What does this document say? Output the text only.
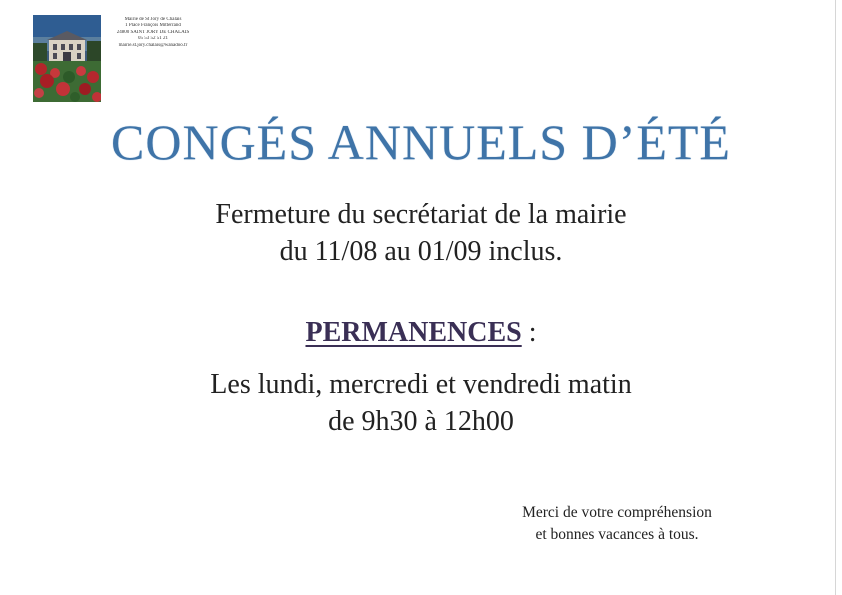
Mairie de St Jory de Chalais
1 Place François Mitterrand
24800 SAINT JORY DE CHALAIS
05 53 52 51 21
mairie.st.jory.chalais@wanadoo.fr
CONGÉS ANNUELS D’ÉTÉ
Fermeture du secrétariat de la mairie
du 11/08 au 01/09 inclus.
PERMANENCES :
Les lundi, mercredi et vendredi matin
de 9h30 à 12h00
Merci de votre compréhension
et bonnes vacances à tous.
